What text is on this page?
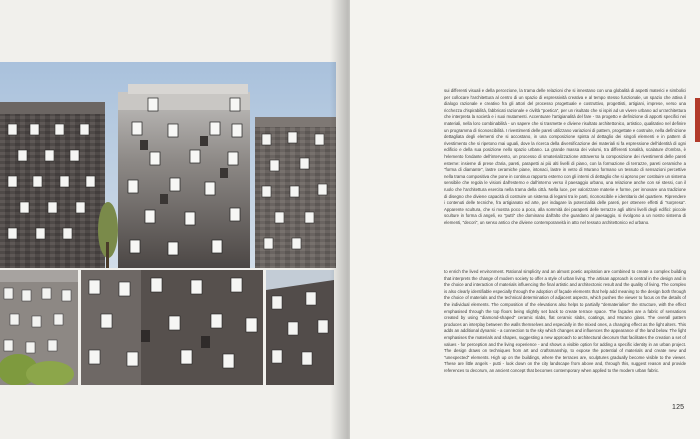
sui differenti visuali e della percezione, la trama delle relazioni che si innestano con una globalità di aspetti materici e simbolici per collocare l'architettura al centro di un spazio di espressività creativa e al tempo stesso funzionale, un spazio che attiva il dialogo razionale e creativo fra gli attori del processo progettuale e costruttivo, progettisti, artigiani, imprese, verso una ricchezza d'ispirabilità, fabbricati razionale e civiltà "poetica", per un risultato che si ispiri ad un vivere urbano ad un'architettura che interpreta la società e i suoi mutamenti. Accentuare l'artigianalità del fare - tra progetto e definizione di apporti specifici nei materiali, nella loro combinabilità - un sapere che si trasmette e diviene risultato architettonico, artistico, qualitativo nel definire un programma di riconoscibilità. I rivestimenti delle pareti utilizzano variazioni di pattern, progettate e costruite, nella definizione dettagliata degli elementi che si accostano, in una composizione spinta al dettaglio dei singoli elementi e in pattern di rivestimento che si ripetono mai uguali, dove la ricerca della diversificazione dei materiali si fa espressione dell'identità di ogni edificio e della sua posizione nello spazio urbano. La grande massa dei volumi, tra differenti tonalità, scalature d'ombra, è l'elemento fondante dell'intervento, un processo di smaterializzazione attraverso la composizione dei rivestimenti delle pareti esterne: insieme di prese d'aria, pareti, parapetti ai più alti livelli di piano, con la formazione di terrazze, pareti ceramiche a "forma di diamante", lastre ceramiche piane, intonaci, lastre in vetro di Murano formano un tessuto di sensazioni percettive nella trama compositiva che pone in continuo rapporto esterno con gli interni di dettaglio che si aprono per costituire un sistema sensibile che regola le visioni dall'esterno e dall'interno verso il paesaggio urbano, una relazione anche con sé stessi, con il ruolo che l'architettura esercita nella trama della città. Nella luce, per valorizzare materie e forme, per innovare una tradizione di disegno che diviene capacità di costruire un sistema di legami tra le parti, riconoscibile e identitario del quartiere. Riprendere i contenuti delle tecniche, fra artigianato ed arte, per indagare la potenzialità delle pareti, per ottenere effetti di "sorpresa". Apparente scultura, che si mostra poco a poco, alla sommità dei paraperti delle terrazze agli ultimi livelli degli edifici: piccole sculture in forma di angeli, ex "putti" che dominano dall'alto che guardano al paesaggio, si rivolgono a un nostro sistema di elementi, "decori", un senso antico che diviene contemporaneità in atto nel tessuto architettonico ed urbano.

to enrich the lived environment. Rational simplicity and an almost poetic aspiration are combined to create a complex building that interprets the change of modern society to offer a style of urban living. The artisan approach is central in the design and in the choice and interaction of materials influencing the final artistic and architectonic result and the quality of living. The complex is also clearly identifiable especially through the adoption of façade elements that help add meaning to the design both through the choice of materials and the technical determination of adjacent aspects, which pushes the viewer to focus on the details of the individual elements. The composition of the elevations also helps to partially "dematerialise" the structure, with the effect emphasised through the top floors being slightly set back to create terrace space. The façades are a fabric of sensations created by using "diamond-shaped" ceramic slabs, flat ceramic slabs, coatings, and Murano glass. The overall pattern produces an interplay between the walls themselves and especially in the mixed ones, a changing effect as the light alters. This adds an additional dynamic - a connection to the sky which changes and influences the appearance of the land below. The light emphasises the materials and shapes, suggesting a new approach to architectural decorum that facilitates the creation a set of values - for perception and the living experience - and shows a visible option for adding a specific identity in an urban project. The design draws on techniques from art and craftsmanship, to expose the potential of materials and create new and "unexpected" elements. High up on the buildings, where the terraces are, sculptures gradually become visible to the viewer. These are little angels - putti - look down on the city landscape from above and, through this, suggest reason and provide references to decorum, an ancient concept that becomes contemporary when applied to the modern urban fabric.

125
